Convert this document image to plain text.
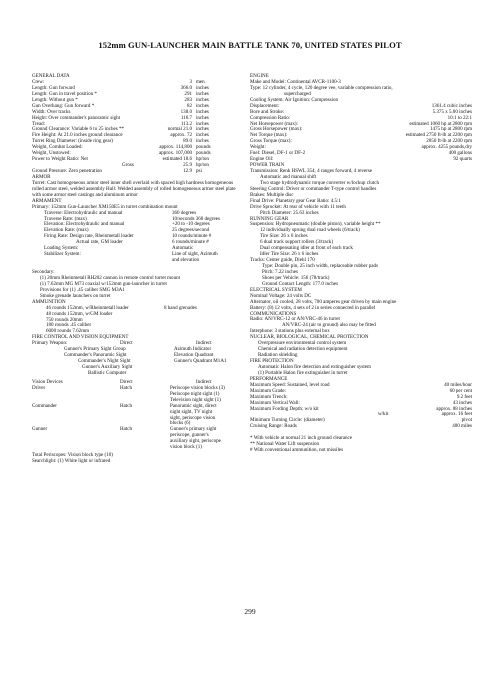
152mm GUN-LAUNCHER MAIN BATTLE TANK 70, UNITED STATES PILOT
GENERAL DATA
Crew:	3 men
Length: Gun forward	366.0 inches
Length: Gun in travel position *	291 inches
Length: Without gun *	283 inches
Gun Overhang: Gun forward *	82 inches
Width: Over tracks	138.0 inches
Height: Over commander's panoramic sight	116.7 inches
Tread:	113.2 inches
Ground Clearance: Variable 6 to 25 inches **	normal 21.0 inches
Fire Height: At 21.0 inches ground clearance	approx. 72 inches
Turret Ring Diameter: (inside ring gear)	89.0 inches
Weight, Combat Loaded:	approx. 114,800 pounds
Weight, Unstowed:	approx. 107,000 pounds
Power to Weight Ratio: Net	estimated 18.6 hp/ton
Gross	25.9 hp/ton
Ground Pressure: Zero penetration	12.9 psi
ARMOR
Turret: Cast homogeneous armor steel inner shell overlaid with spaced high hardness homogeneous rolled armor steel, welded assembly Hull: Welded assembly of rolled homogeneous armor steel plate with some armor steel castings and aluminum armor
ARMAMENT
Primary: 152mm Gun-Launcher XM150E5 in turret combination mount
Traverse: Electrohydraulic and manual	360 degrees
Traverse Rate: (max)	10/seconds 360 degrees
Elevation: Electrohydraulic and manual	+20 to -10 degrees
Elevation Rate: (max)	25 degrees/second
Firing Rate: Design rate, Rheinmetall loader	10 rounds/minute #
Actual rate, GM loader	6 rounds/minute #
Loading System:	Automatic
Stabilizer System:	Line of sight, Azimuth
and elevation
Secondary:
(1) 20mm Rheinmetall RH202 cannon in remote control turret mount
(1) 7.62mm MG M73 coaxial w/152mm gun-launcher in turret
Provisions for (1) .45 caliber SMG M3A1
Smoke grenade launchers on turret
AMMUNITION
46 rounds 152mm, w/Rheinmetall loader	8 hand grenades
48 rounds 152mm, w/GM loader
750 rounds 20mm
180 rounds .45 caliber
6000 rounds 7.62mm
FIRE CONTROL AND VISION EQUIPMENT
Primary Weapon:	Direct	Indirect
Gunner's Primary Sight Group	Azimuth Indicator
Commander's Panoramic Sight	Elevation Quadrant
Commander's Night Sight	Gunner's Quadrant M1A1
Gunner's Auxiliary Sight
Ballistic Computer
Vision Devices	Direct	Indirect
Driver	Hatch	Periscope vision blocks (3)
Periscope night sight (1)
Television night sight (1)
Commander	Hatch	Panoramic sight, direct
night sight, TV night
sight, periscope vision
blocks (6)
Gunner	Hatch	Gunner's primary sight
periscope, gunner's
auxiliary sight, periscope
vision block (1)
Total Periscopes: Vision block type (10)
Searchlight: (1) White light or infrared
ENGINE
Make and Model: Continental AVCR-1100-3
Type: 12 cylinder, 4 cycle, 120 degree vee, variable compression ratio,
supercharged
Cooling System: Air Ignition: Compression
Displacement:	1361.4 cubic inches
Bore and Stroke:	5.375 x 5.00 inches
Compression Ratio:	10:1 to 22:1
Net Horsepower (max):	estimated 1060 hp at 2800 rpm
Gross Horsepower (max):	1475 hp at 2800 rpm
Net Torque (max):	estimated 2750 ft-lb at 2200 rpm
Gross Torque (max):	2850 ft-lb at 2200 rpm
Weight:	approx. 4255 pounds,dry
Fuel: Diesel, DF-1 or DF-2	400 gallons
Engine Oil:	92 quarts
POWER TRAIN
Transmission: Renk HSWL 354, 4 ranges forward, 4 reverse
Automatic and manual shift
Two stage hydrodynamic torque converter w/lockup clutch
Steering Control: Driver or commander T-type control handles
Brakes: Multiple disc
Final Drive: Planetary gear Gear Ratio: 4.5:1
Drive Sprocket: At rear of vehicle with 11 teeth
Pitch Diameter: 25.63 inches
RUNNING GEAR
Suspension: Hydropneumatic (double piston), variable height **
12 individually sprung dual road wheels (6/track)
Tire Size: 26 x 6 inches
6 dual track support rollers (3/track)
Dual compensating idler at front of each track
Idler Tire Size: 26 x 6 inches
Tracks: Center guide, Diehl 170
Type: Double pin, 25 inch width, replaceable rubber pads
Pitch: 7.22 inches
Shoes per Vehicle: 156 (78/track)
Ground Contact Length: 177.0 inches
ELECTRICAL SYSTEM
Nominal Voltage: 24 volts DC
Alternator, oil cooled, 28 volts, 700 amperes gear driven by main engine
Battery: (8) 12 volts, 4 sets of 2 in series connected in parallel
COMMUNICATIONS
Radio: AN/VRC-12 or AN/VRC-46 in turret
AN/VRC-24 (air to ground) also may be fitted
Interphone: 3 stations plus external box
NUCLEAR, BIOLOGICAL, CHEMICAL PROTECTION
Overpressure environmental control system
Chemical and radiation detection equipment
Radiation shielding
FIRE PROTECTION
Automatic Halon fire detection and extinguisher system
(1) Portable Halon fire extinguisher in turret
PERFORMANCE
Maximum Speed: Sustained, level road	40 miles/hour
Maximum Grade:	60 per cent
Maximum Trench:	9.2 feet
Maximum Vertical Wall:	43 inches
Maximum Fording Depth: w/o kit	approx. 88 inches
w/kit	approx. 16 feet
Minimum Turning Circle: (diameter)	pivot
Cruising Range: Roads	400 miles
* With vehicle at normal 21 inch ground clearance
** National Water Lift suspension
# With conventional ammunition, not missiles
299
